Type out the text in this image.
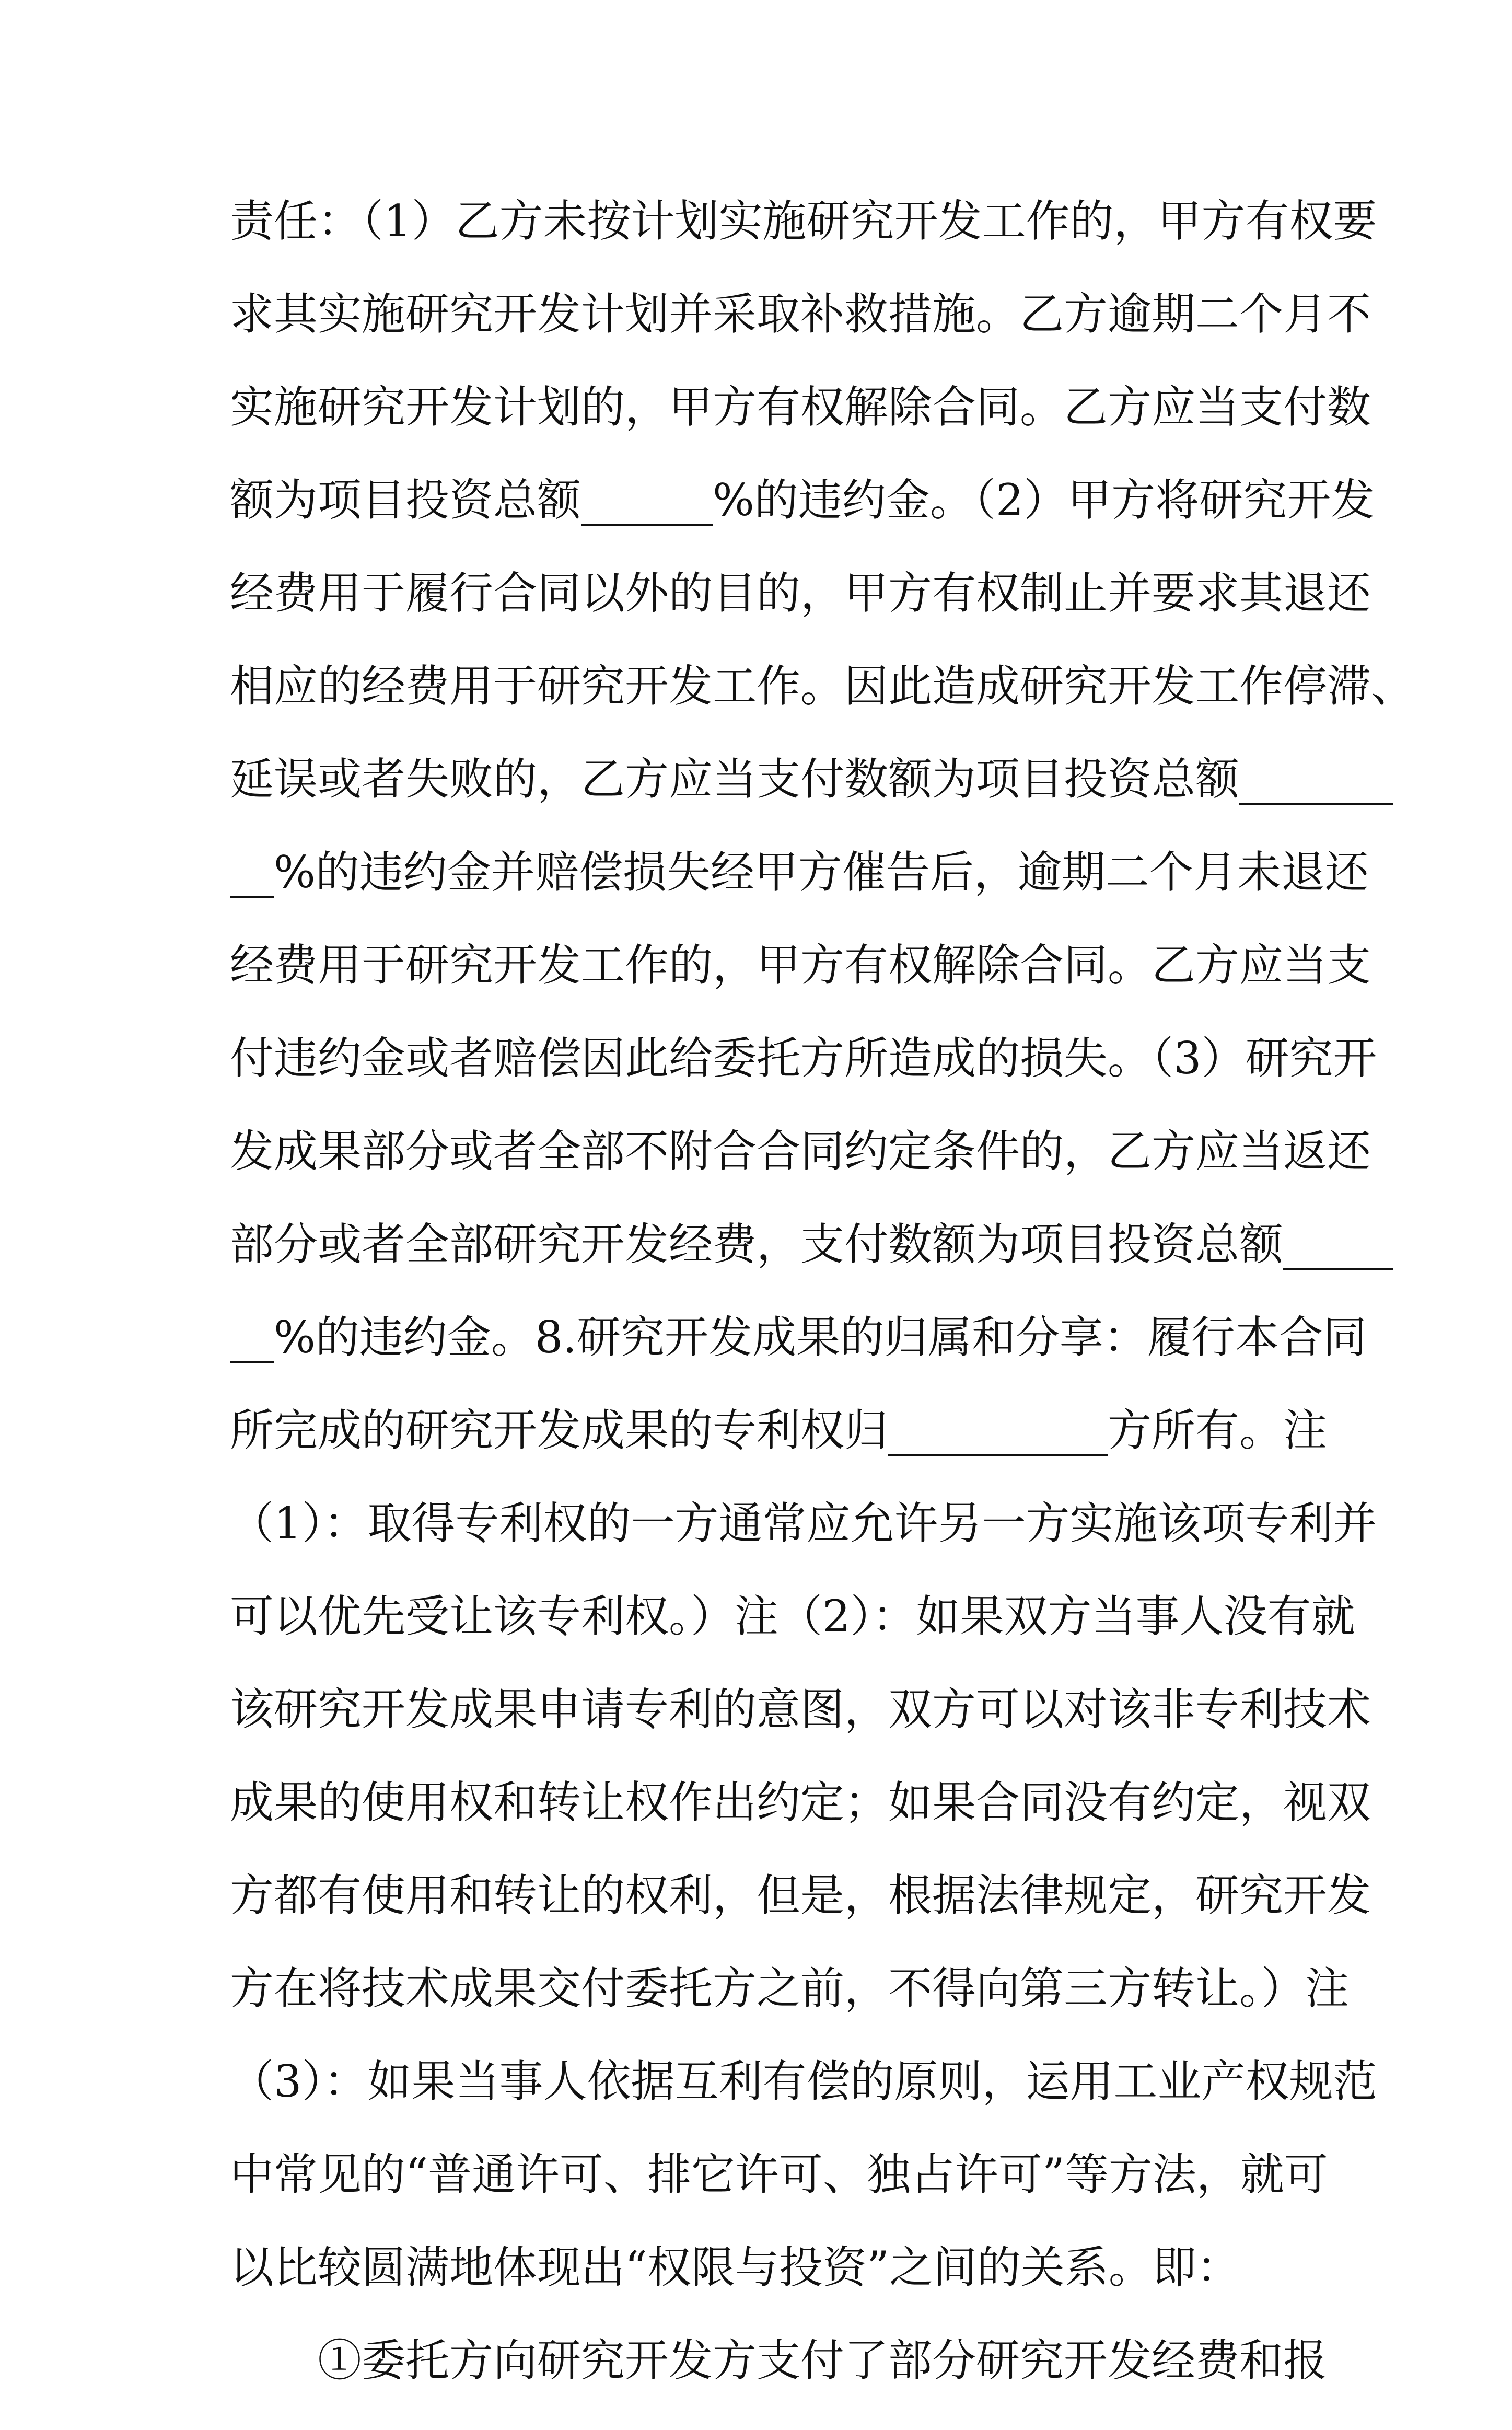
责任：（1）乙方未按计划实施研究开发工作的，甲方有权要
求其实施研究开发计划并采取补救措施。乙方逾期二个月不
实施研究开发计划的，甲方有权解除合同。乙方应当支付数
额为项目投资总额______%的违约金。（2）甲方将研究开发
经费用于履行合同以外的目的，甲方有权制止并要求其退还
相应的经费用于研究开发工作。因此造成研究开发工作停滞、
延误或者失败的，乙方应当支付数额为项目投资总额_______
__%的违约金并赔偿损失经甲方催告后，逾期二个月未退还
经费用于研究开发工作的，甲方有权解除合同。乙方应当支
付违约金或者赔偿因此给委托方所造成的损失。（3）研究开
发成果部分或者全部不附合合同约定条件的，乙方应当返还
部分或者全部研究开发经费，支付数额为项目投资总额_____
__%的违约金。8.研究开发成果的归属和分享：履行本合同
所完成的研究开发成果的专利权归__________方所有。注
（1）：取得专利权的一方通常应允许另一方实施该项专利并
可以优先受让该专利权。）注（2）：如果双方当事人没有就
该研究开发成果申请专利的意图，双方可以对该非专利技术
成果的使用权和转让权作出约定；如果合同没有约定，视双
方都有使用和转让的权利，但是，根据法律规定，研究开发
方在将技术成果交付委托方之前，不得向第三方转让。）注
（3）：如果当事人依据互利有偿的原则，运用工业产权规范
中常见的“普通许可、排它许可、独占许可”等方法，就可
以比较圆满地体现出“权限与投资”之间的关系。即：
　　①委托方向研究开发方支付了部分研究开发经费和报
